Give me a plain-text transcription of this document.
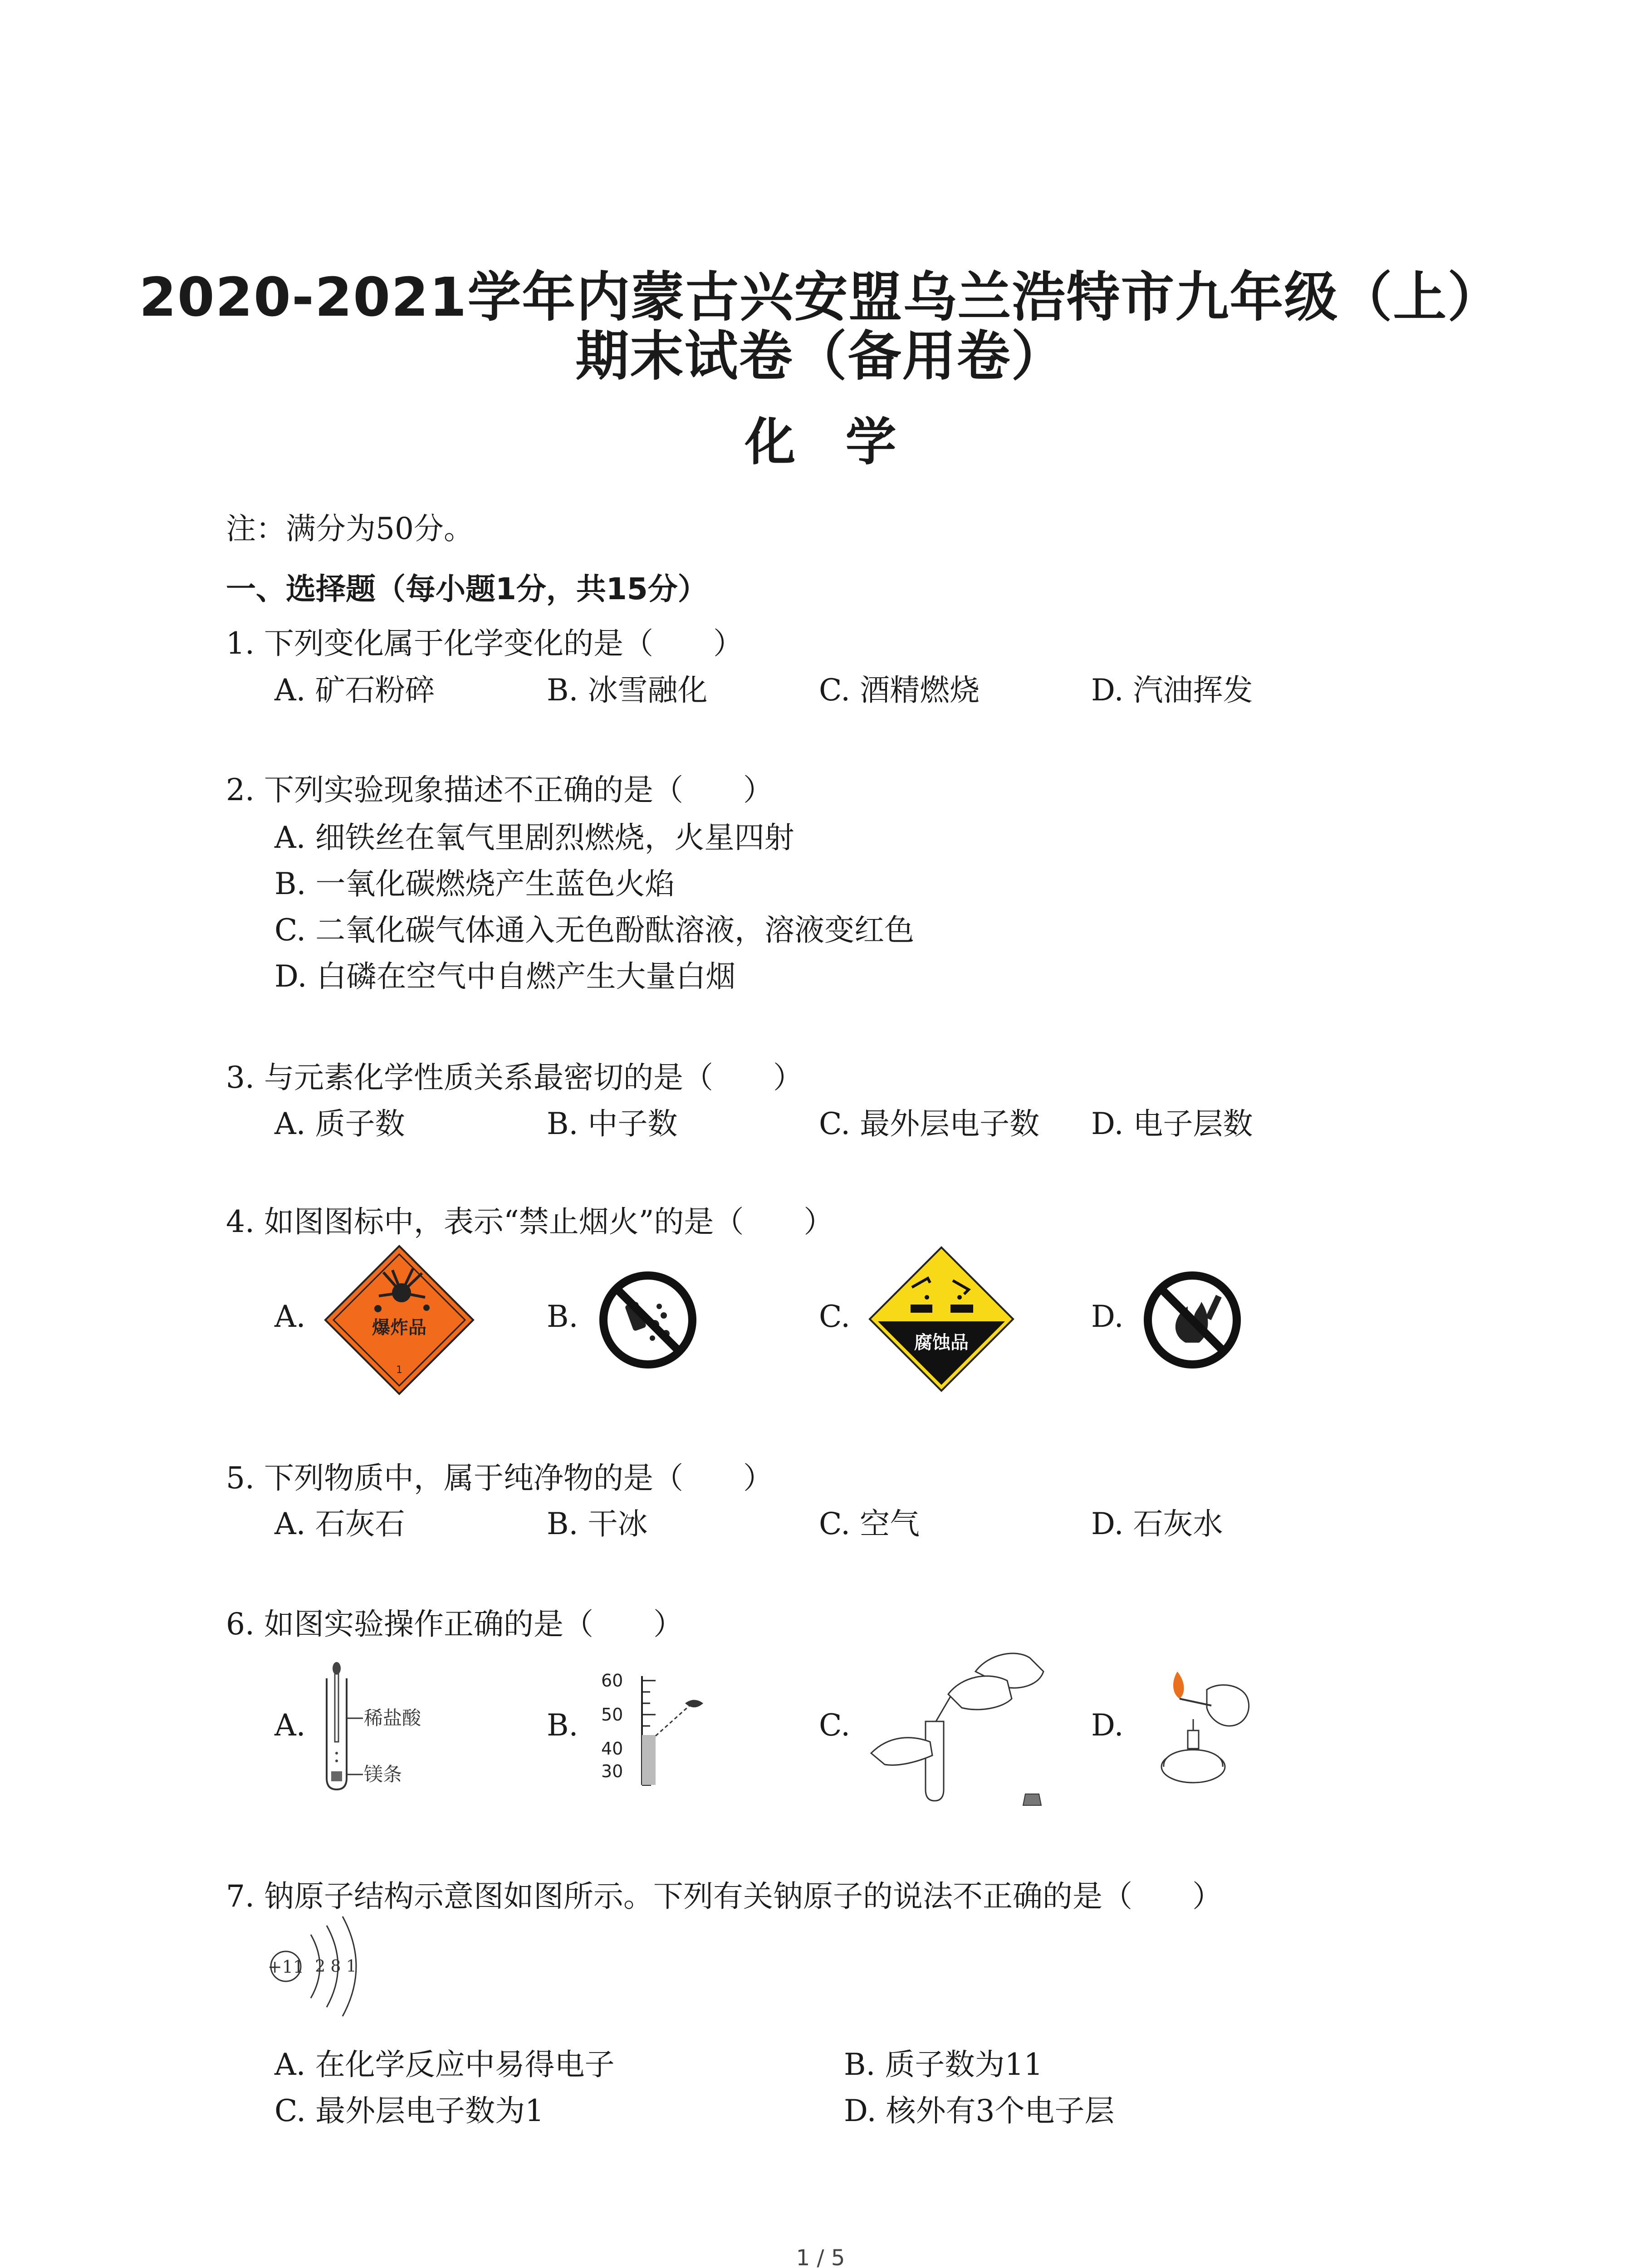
2020-2021学年内蒙古兴安盟乌兰浩特市九年级（上）
期末试卷（备用卷）
化 学
注：满分为50分。
一、选择题（每小题1分，共15分）
1. 下列变化属于化学变化的是（　　）
A. 矿石粉碎	B. 冰雪融化	C. 酒精燃烧	D. 汽油挥发
2. 下列实验现象描述不正确的是（　　）
A. 细铁丝在氧气里剧烈燃烧，火星四射
B. 一氧化碳燃烧产生蓝色火焰
C. 二氧化碳气体通入无色酚酞溶液，溶液变红色
D. 白磷在空气中自燃产生大量白烟
3. 与元素化学性质关系最密切的是（　　）
A. 质子数	B. 中子数	C. 最外层电子数 D. 电子层数
4. 如图图标中，表示“禁止烟火”的是（　　）
A.	B.	C.	D.
爆炸品
1
腐蚀品
5. 下列物质中，属于纯净物的是（　　）
A. 石灰石	B. 干冰	C. 空气	D. 石灰水
6. 如图实验操作正确的是（　　）
A.	B.	C.	D.
稀盐酸
镁条
60
50
40
30
7. 钠原子结构示意图如图所示。下列有关钠原子的说法不正确的是（　　）
+11 2 8 1
A. 在化学反应中易得电子	B. 质子数为11
C. 最外层电子数为1	D. 核外有3个电子层
1 / 5
